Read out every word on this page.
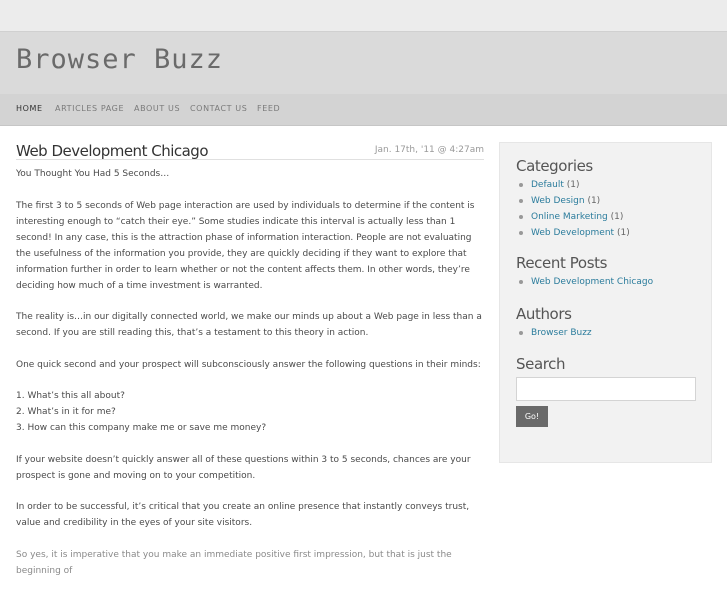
Browser Buzz
HOME ARTICLES PAGE ABOUT US CONTACT US FEED
Web Development Chicago	Jan. 17th, '11 @ 4:27am

You Thought You Had 5 Seconds…

The first 3 to 5 seconds of Web page interaction are used by individuals to determine if the content is interesting enough to “catch their eye.” Some studies indicate this interval is actually less than 1 second! In any case, this is the attraction phase of information interaction. People are not evaluating the usefulness of the information you provide, they are quickly deciding if they want to explore that information further in order to learn whether or not the content affects them. In other words, they’re deciding how much of a time investment is warranted.

The reality is…in our digitally connected world, we make our minds up about a Web page in less than a second. If you are still reading this, that’s a testament to this theory in action.

One quick second and your prospect will subconsciously answer the following questions in their minds:

1. What’s this all about?
2. What’s in it for me?
3. How can this company make me or save me money?

If your website doesn’t quickly answer all of these questions within 3 to 5 seconds, chances are your prospect is gone and moving on to your competition.

In order to be successful, it’s critical that you create an online presence that instantly conveys trust, value and credibility in the eyes of your site visitors.

So yes, it is imperative that you make an immediate positive first impression, but that is just the beginning of

Categories
Default (1)
Web Design (1)
Online Marketing (1)
Web Development (1)
Recent Posts
Web Development Chicago
Authors
Browser Buzz
Search
Go!
